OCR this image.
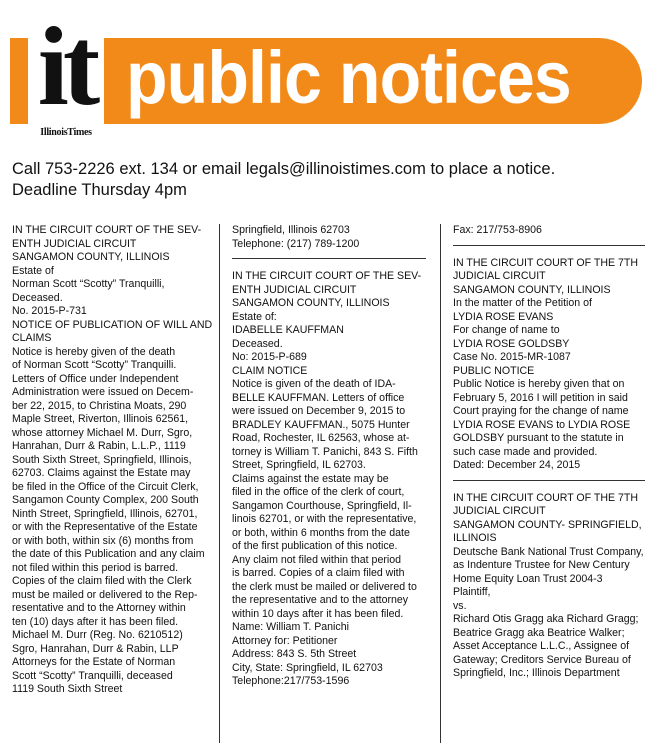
public notices
it
IllinoisTimes
Call 753-2226 ext. 134 or email legals@illinoistimes.com to place a notice.
Deadline Thursday 4pm
IN THE CIRCUIT COURT OF THE SEV-
ENTH JUDICIAL CIRCUIT
SANGAMON COUNTY, ILLINOIS
Estate of
Norman Scott “Scotty” Tranquilli,
Deceased.
No. 2015-P-731
NOTICE OF PUBLICATION OF WILL AND
CLAIMS
Notice is hereby given of the death
of Norman Scott “Scotty” Tranquilli.
Letters of Office under Independent
Administration were issued on Decem-
ber 22, 2015, to Christina Moats, 290
Maple Street, Riverton, Illinois 62561,
whose attorney Michael M. Durr, Sgro,
Hanrahan, Durr & Rabin, L.L.P., 1119
South Sixth Street, Springfield, Illinois,
62703. Claims against the Estate may
be filed in the Office of the Circuit Clerk,
Sangamon County Complex, 200 South
Ninth Street, Springfield, Illinois, 62701,
or with the Representative of the Estate
or with both, within six (6) months from
the date of this Publication and any claim
not filed within this period is barred.
Copies of the claim filed with the Clerk
must be mailed or delivered to the Rep-
resentative and to the Attorney within
ten (10) days after it has been filed.
Michael M. Durr (Reg. No. 6210512)
Sgro, Hanrahan, Durr & Rabin, LLP
Attorneys for the Estate of Norman
Scott “Scotty” Tranquilli, deceased
1119 South Sixth Street
Springfield, Illinois 62703
Telephone: (217) 789-1200
IN THE CIRCUIT COURT OF THE SEV-
ENTH JUDICIAL CIRCUIT
SANGAMON COUNTY, ILLINOIS
Estate of:
IDABELLE KAUFFMAN
Deceased.
No: 2015-P-689
CLAIM NOTICE
Notice is given of the death of IDA-
BELLE KAUFFMAN. Letters of office
were issued on December 9, 2015 to
BRADLEY KAUFFMAN., 5075 Hunter
Road, Rochester, IL 62563, whose at-
torney is William T. Panichi, 843 S. Fifth
Street, Springfield, IL 62703.
Claims against the estate may be
filed in the office of the clerk of court,
Sangamon Courthouse, Springfield, Il-
linois 62701, or with the representative,
or both, within 6 months from the date
of the first publication of this notice.
Any claim not filed within that period
is barred. Copies of a claim filed with
the clerk must be mailed or delivered to
the representative and to the attorney
within 10 days after it has been filed.
Name: William T. Panichi
Attorney for: Petitioner
Address: 843 S. 5th Street
City, State: Springfield, IL 62703
Telephone:217/753-1596
Fax: 217/753-8906
IN THE CIRCUIT COURT OF THE 7TH
JUDICIAL CIRCUIT
SANGAMON COUNTY, ILLINOIS
In the matter of the Petition of
LYDIA ROSE EVANS
For change of name to
LYDIA ROSE GOLDSBY
Case No. 2015-MR-1087
PUBLIC NOTICE
Public Notice is hereby given that on
February 5, 2016 I will petition in said
Court praying for the change of name
LYDIA ROSE EVANS to LYDIA ROSE
GOLDSBY pursuant to the statute in
such case made and provided.
Dated: December 24, 2015
IN THE CIRCUIT COURT OF THE 7TH
JUDICIAL CIRCUIT
SANGAMON COUNTY- SPRINGFIELD,
ILLINOIS
Deutsche Bank National Trust Company,
as Indenture Trustee for New Century
Home Equity Loan Trust 2004-3
Plaintiff,
vs.
Richard Otis Gragg aka Richard Gragg;
Beatrice Gragg aka Beatrice Walker;
Asset Acceptance L.L.C., Assignee of
Gateway; Creditors Service Bureau of
Springfield, Inc.; Illinois Department
